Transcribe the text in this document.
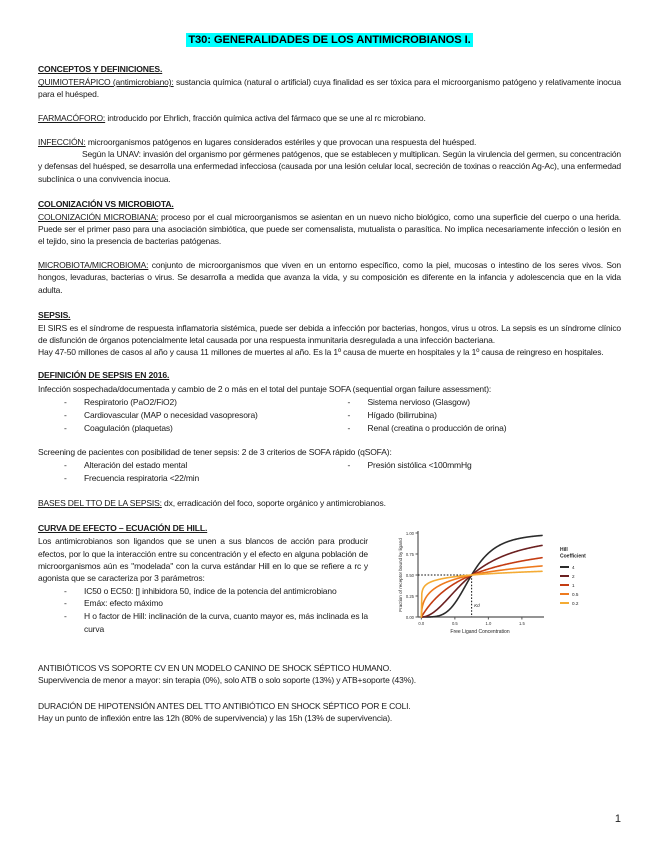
T30: GENERALIDADES DE LOS ANTIMICROBIANOS I.
CONCEPTOS Y DEFINICIONES.

QUIMIOTERÁPICO (antimicrobiano): sustancia química (natural o artificial) cuya finalidad es ser tóxica para el microorganismo patógeno y relativamente inocua para el huésped.

FARMACÓFORO: introducido por Ehrlich, fracción química activa del fármaco que se une al rc microbiano.

INFECCIÓN: microorganismos patógenos en lugares considerados estériles y que provocan una respuesta del huésped.

Según la UNAV: invasión del organismo por gérmenes patógenos, que se establecen y multiplican. Según la virulencia del germen, su concentración y defensas del huésped, se desarrolla una enfermedad infecciosa (causada por una lesión celular local, secreción de toxinas o reacción Ag-Ac), una enfermedad subclínica o una convivencia inocua.

COLONIZACIÓN VS MICROBIOTA.

COLONIZACIÓN MICROBIANA: proceso por el cual microorganismos se asientan en un nuevo nicho biológico, como una superficie del cuerpo o una herida. Puede ser el primer paso para una asociación simbiótica, que puede ser comensalista, mutualista o parasítica. No implica necesariamente infección o lesión en el tejido, sino la presencia de bacterias patógenas.

MICROBIOTA/MICROBIOMA: conjunto de microorganismos que viven en un entorno específico, como la piel, mucosas o intestino de los seres vivos. Son hongos, levaduras, bacterias o virus. Se desarrolla a medida que avanza la vida, y su composición es diferente en la infancia y adolescencia que en la vida adulta.

SEPSIS.

El SIRS es el síndrome de respuesta inflamatoria sistémica, puede ser debida a infección por bacterias, hongos, virus u otros. La sepsis es un síndrome clínico de disfunción de órganos potencialmente letal causada por una respuesta inmunitaria desregulada a una infección bacteriana.

Hay 47-50 millones de casos al año y causa 11 millones de muertes al año. Es la 1º causa de muerte en hospitales y la 1º causa de reingreso en hospitales.

DEFINICIÓN DE SEPSIS EN 2016.

Infección sospechada/documentada y cambio de 2 o más en el total del puntaje SOFA (sequential organ failure assessment):

-	Respiratorio (PaO2/FiO2)
-	Cardiovascular (MAP o necesidad vasopresora)
-	Coagulación (plaquetas)
-	Sistema nervioso (Glasgow)
-	Hígado (bilirrubina)
-	Renal (creatina o producción de orina)

Screening de pacientes con posibilidad de tener sepsis: 2 de 3 criterios de SOFA rápido (qSOFA):

-	Alteración del estado mental
-	Frecuencia respiratoria <22/min
-	Presión sistólica <100mmHg

BASES DEL TTO DE LA SEPSIS: dx, erradicación del foco, soporte orgánico y antimicrobianos.

CURVA DE EFECTO – ECUACIÓN DE HILL.

Los antimicrobianos son ligandos que se unen a sus blancos de acción para producir efectos, por lo que la interacción entre su concentración y el efecto en alguna población de microorganismos aún es ''modelada'' con la curva estándar Hill en lo que se refiere a rc y agonista que se caracteriza por 3 parámetros:

-	IC50 o EC50: [] inhibidora 50, índice de la potencia del antimicrobiano
-	Emáx: efecto máximo
-	H o factor de Hill: inclinación de la curva, cuanto mayor es, más inclinada es la curva
0.00
0.25
0.50
0.75
1.00
0.0	0.5	1.0	1.5
Fraction of receptor bound by ligand
Free Ligand Concentration
Kd
Hill
Coefficient
4
2
1
0.5
0.2

ANTIBIÓTICOS VS SOPORTE CV EN UN MODELO CANINO DE SHOCK SÉPTICO HUMANO.

Supervivencia de menor a mayor: sin terapia (0%), solo ATB o solo soporte (13%) y ATB+soporte (43%).

DURACIÓN DE HIPOTENSIÓN ANTES DEL TTO ANTIBIÓTICO EN SHOCK SÉPTICO POR E COLI.

Hay un punto de inflexión entre las 12h (80% de supervivencia) y las 15h (13% de supervivencia).

1
